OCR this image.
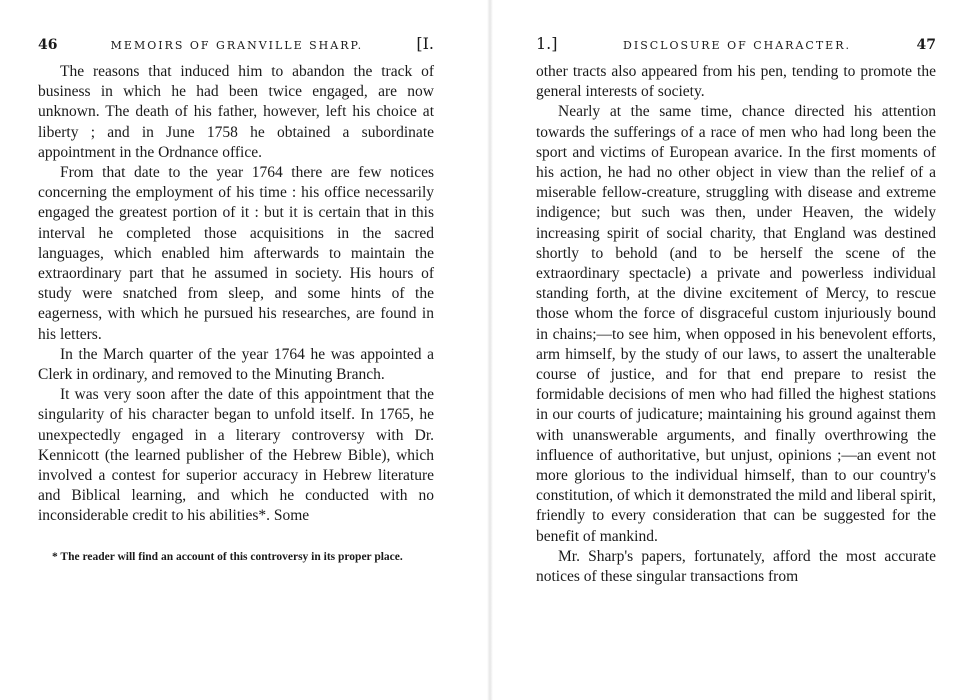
46	MEMOIRS OF GRANVILLE SHARP.	[I.

The reasons that induced him to abandon the track of business in which he had been twice engaged, are now unknown. The death of his father, however, left his choice at liberty ; and in June 1758 he obtained a subordinate appointment in the Ordnance office.

From that date to the year 1764 there are few notices concerning the employment of his time : his office necessarily engaged the greatest portion of it : but it is certain that in this interval he completed those acquisitions in the sacred languages, which enabled him afterwards to maintain the extraordinary part that he assumed in society. His hours of study were snatched from sleep, and some hints of the eagerness, with which he pursued his researches, are found in his letters.

In the March quarter of the year 1764 he was appointed a Clerk in ordinary, and removed to the Minuting Branch.

It was very soon after the date of this appointment that the singularity of his character began to unfold itself. In 1765, he unexpectedly engaged in a literary controversy with Dr. Kennicott (the learned publisher of the Hebrew Bible), which involved a contest for superior accuracy in Hebrew literature and Biblical learning, and which he conducted with no inconsiderable credit to his abilities*. Some

* The reader will find an account of this controversy in its proper place.
1.]	DISCLOSURE OF CHARACTER.	47

other tracts also appeared from his pen, tending to promote the general interests of society.

Nearly at the same time, chance directed his attention towards the sufferings of a race of men who had long been the sport and victims of European avarice. In the first moments of his action, he had no other object in view than the relief of a miserable fellow-creature, struggling with disease and extreme indigence; but such was then, under Heaven, the widely increasing spirit of social charity, that England was destined shortly to behold (and to be herself the scene of the extraordinary spectacle) a private and powerless individual standing forth, at the divine excitement of Mercy, to rescue those whom the force of disgraceful custom injuriously bound in chains;—to see him, when opposed in his benevolent efforts, arm himself, by the study of our laws, to assert the unalterable course of justice, and for that end prepare to resist the formidable decisions of men who had filled the highest stations in our courts of judicature; maintaining his ground against them with unanswerable arguments, and finally overthrowing the influence of authoritative, but unjust, opinions ;—an event not more glorious to the individual himself, than to our country's constitution, of which it demonstrated the mild and liberal spirit, friendly to every consideration that can be suggested for the benefit of mankind.

Mr. Sharp's papers, fortunately, afford the most accurate notices of these singular transactions from
